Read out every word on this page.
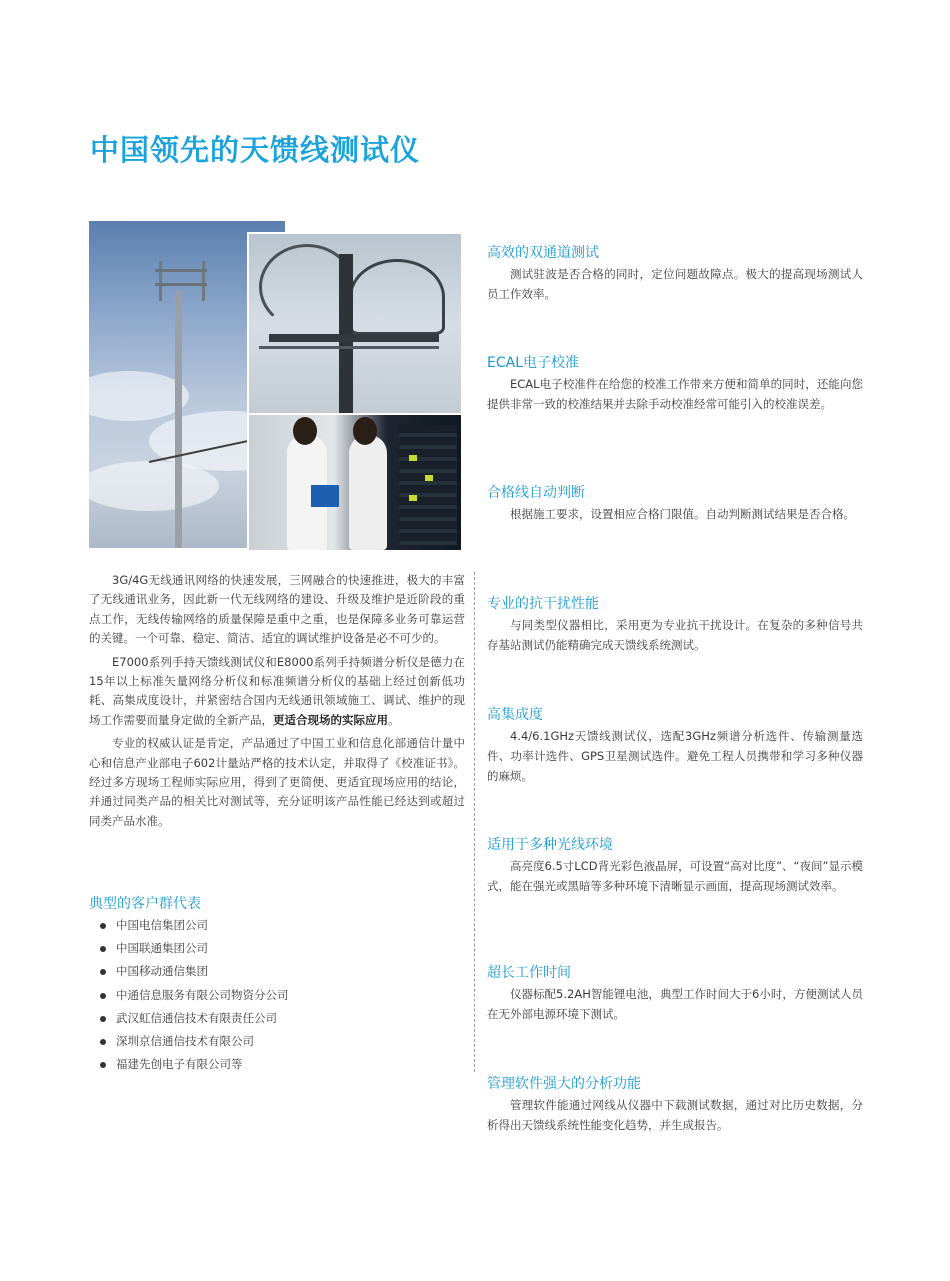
中国领先的天馈线测试仪

3G/4G无线通讯网络的快速发展，三网融合的快速推进，极大的丰富了无线通讯业务，因此新一代无线网络的建设、升级及维护是近阶段的重点工作，无线传输网络的质量保障是重中之重，也是保障多业务可靠运营的关键。一个可靠、稳定、简洁、适宜的调试维护设备是必不可少的。

E7000系列手持天馈线测试仪和E8000系列手持频谱分析仪是德力在15年以上标准矢量网络分析仪和标准频谱分析仪的基础上经过创新低功耗、高集成度设计，并紧密结合国内无线通讯领域施工、调试、维护的现场工作需要而量身定做的全新产品，更适合现场的实际应用。

专业的权威认证是肯定，产品通过了中国工业和信息化部通信计量中心和信息产业部电子602计量站严格的技术认定，并取得了《校准证书》。经过多方现场工程师实际应用，得到了更简便、更适宜现场应用的结论，并通过同类产品的相关比对测试等，充分证明该产品性能已经达到或超过同类产品水准。

典型的客户群代表
中国电信集团公司
中国联通集团公司
中国移动通信集团
中通信息服务有限公司物资分公司
武汉虹信通信技术有限责任公司
深圳京信通信技术有限公司
福建先创电子有限公司等
高效的双通道测试

测试驻波是否合格的同时，定位问题故障点。极大的提高现场测试人员工作效率。

ECAL电子校准

ECAL电子校准件在给您的校准工作带来方便和简单的同时，还能向您提供非常一致的校准结果并去除手动校准经常可能引入的校准误差。

合格线自动判断

根据施工要求，设置相应合格门限值。自动判断测试结果是否合格。

专业的抗干扰性能

与同类型仪器相比，采用更为专业抗干扰设计。在复杂的多种信号共存基站测试仍能精确完成天馈线系统测试。

高集成度

4.4/6.1GHz天馈线测试仪，选配3GHz频谱分析选件、传输测量选件、功率计选件、GPS卫星测试选件。避免工程人员携带和学习多种仪器的麻烦。

适用于多种光线环境

高亮度6.5寸LCD背光彩色液晶屏，可设置“高对比度”、“夜间”显示模式，能在强光或黑暗等多种环境下清晰显示画面，提高现场测试效率。

超长工作时间

仪器标配5.2AH智能锂电池，典型工作时间大于6小时，方便测试人员在无外部电源环境下测试。

管理软件强大的分析功能

管理软件能通过网线从仪器中下载测试数据，通过对比历史数据，分析得出天馈线系统性能变化趋势，并生成报告。
